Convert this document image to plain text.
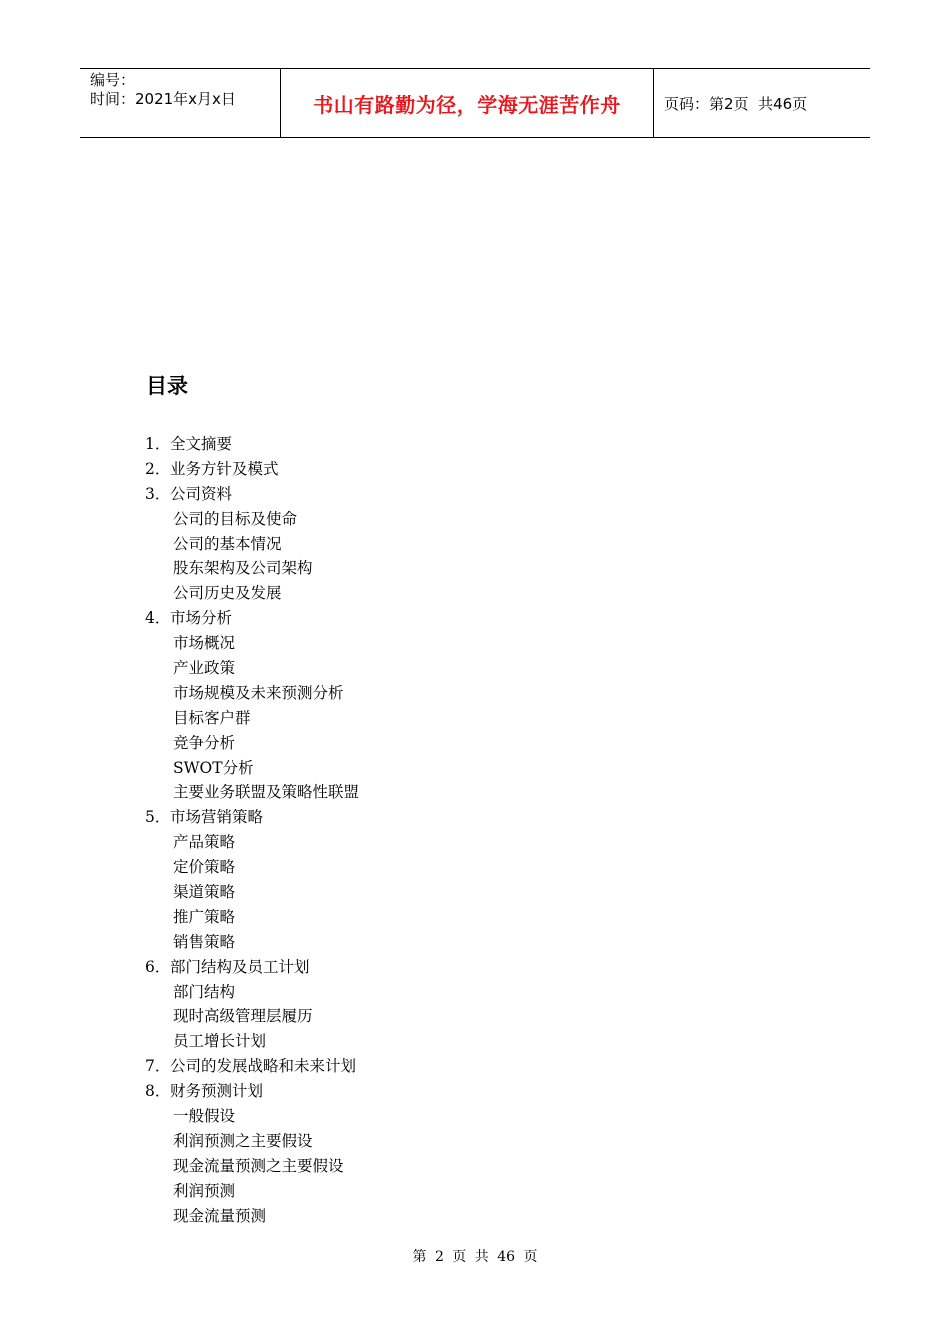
编号：
时间：2021年x月x日	书山有路勤为径，学海无涯苦作舟	页码：第2页  共46页
目录
1．全文摘要
2．业务方针及模式
3．公司资料
公司的目标及使命
公司的基本情况
股东架构及公司架构
公司历史及发展
4．市场分析
市场概况
产业政策
市场规模及未来预测分析
目标客户群
竞争分析
SWOT分析
主要业务联盟及策略性联盟
5．市场营销策略
产品策略
定价策略
渠道策略
推广策略
销售策略
6．部门结构及员工计划
部门结构
现时高级管理层履历
员工增长计划
7．公司的发展战略和未来计划
8．财务预测计划
一般假设
利润预测之主要假设
现金流量预测之主要假设
利润预测
现金流量预测
第 2 页 共 46 页
